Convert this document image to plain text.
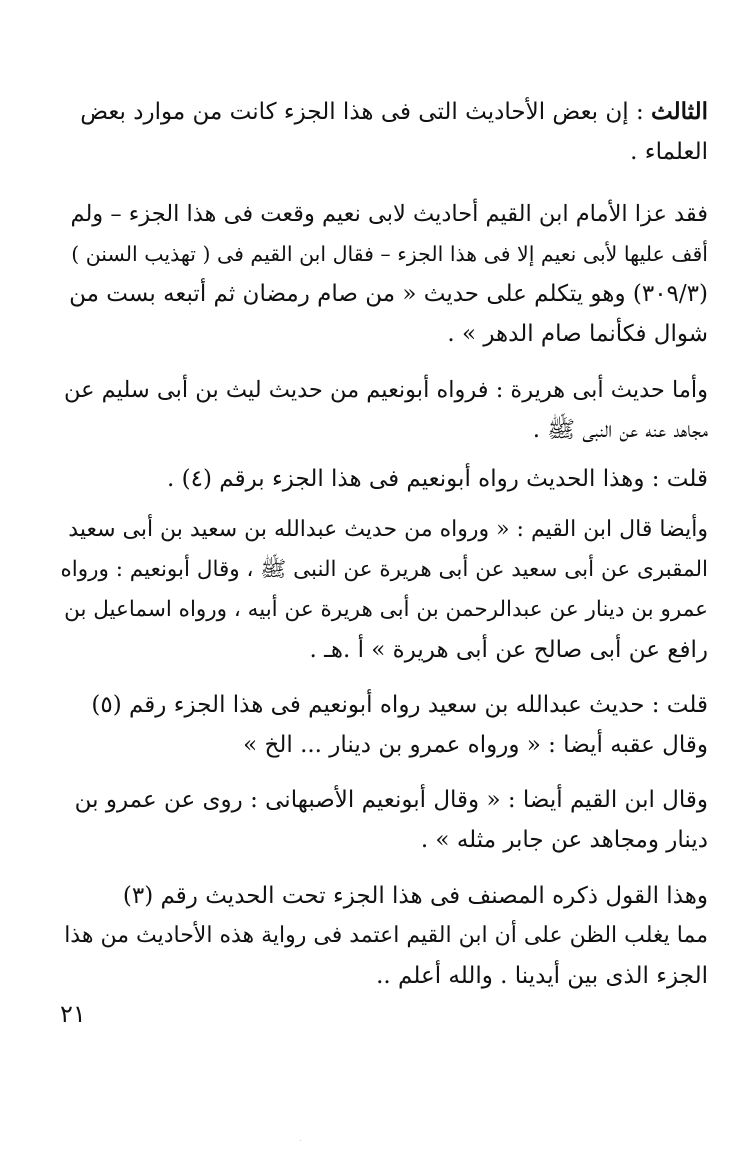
الثالث : إن بعض الأحاديث التى فى هذا الجزء كانت من موارد بعض
العلماء .
فقد عزا الأمام ابن القيم أحاديث لابى نعيم وقعت فى هذا الجزء – ولم
أقف عليها لأبى نعيم إلا فى هذا الجزء – فقال ابن القيم فى ( تهذيب السنن )
(٣٠٩/٣) وهو يتكلم على حديث « من صام رمضان ثم أتبعه بست من
شوال فكأنما صام الدهر » .
وأما حديث أبى هريرة : فرواه أبونعيم من حديث ليث بن أبى سليم عن
مجاهد عنه عن النبى ﷺ .
قلت : وهذا الحديث رواه أبونعيم فى هذا الجزء برقم (٤) .
وأيضا قال ابن القيم : « ورواه من حديث عبدالله بن سعيد بن أبى سعيد
المقبرى عن أبى سعيد عن أبى هريرة عن النبى ﷺ ، وقال أبونعيم : ورواه
عمرو بن دينار عن عبدالرحمن بن أبى هريرة عن أبيه ، ورواه اسماعيل بن
رافع عن أبى صالح عن أبى هريرة » أ .هـ .
قلت : حديث عبدالله بن سعيد رواه أبونعيم فى هذا الجزء رقم (٥)
وقال عقبه أيضا : « ورواه عمرو بن دينار ... الخ »
وقال ابن القيم أيضا : « وقال أبونعيم الأصبهانى : روى عن عمرو بن
دينار ومجاهد عن جابر مثله » .
وهذا القول ذكره المصنف فى هذا الجزء تحت الحديث رقم (٣)
مما يغلب الظن على أن ابن القيم اعتمد فى رواية هذه الأحاديث من هذا
الجزء الذى بين أيدينا . والله أعلم ..
٢١
